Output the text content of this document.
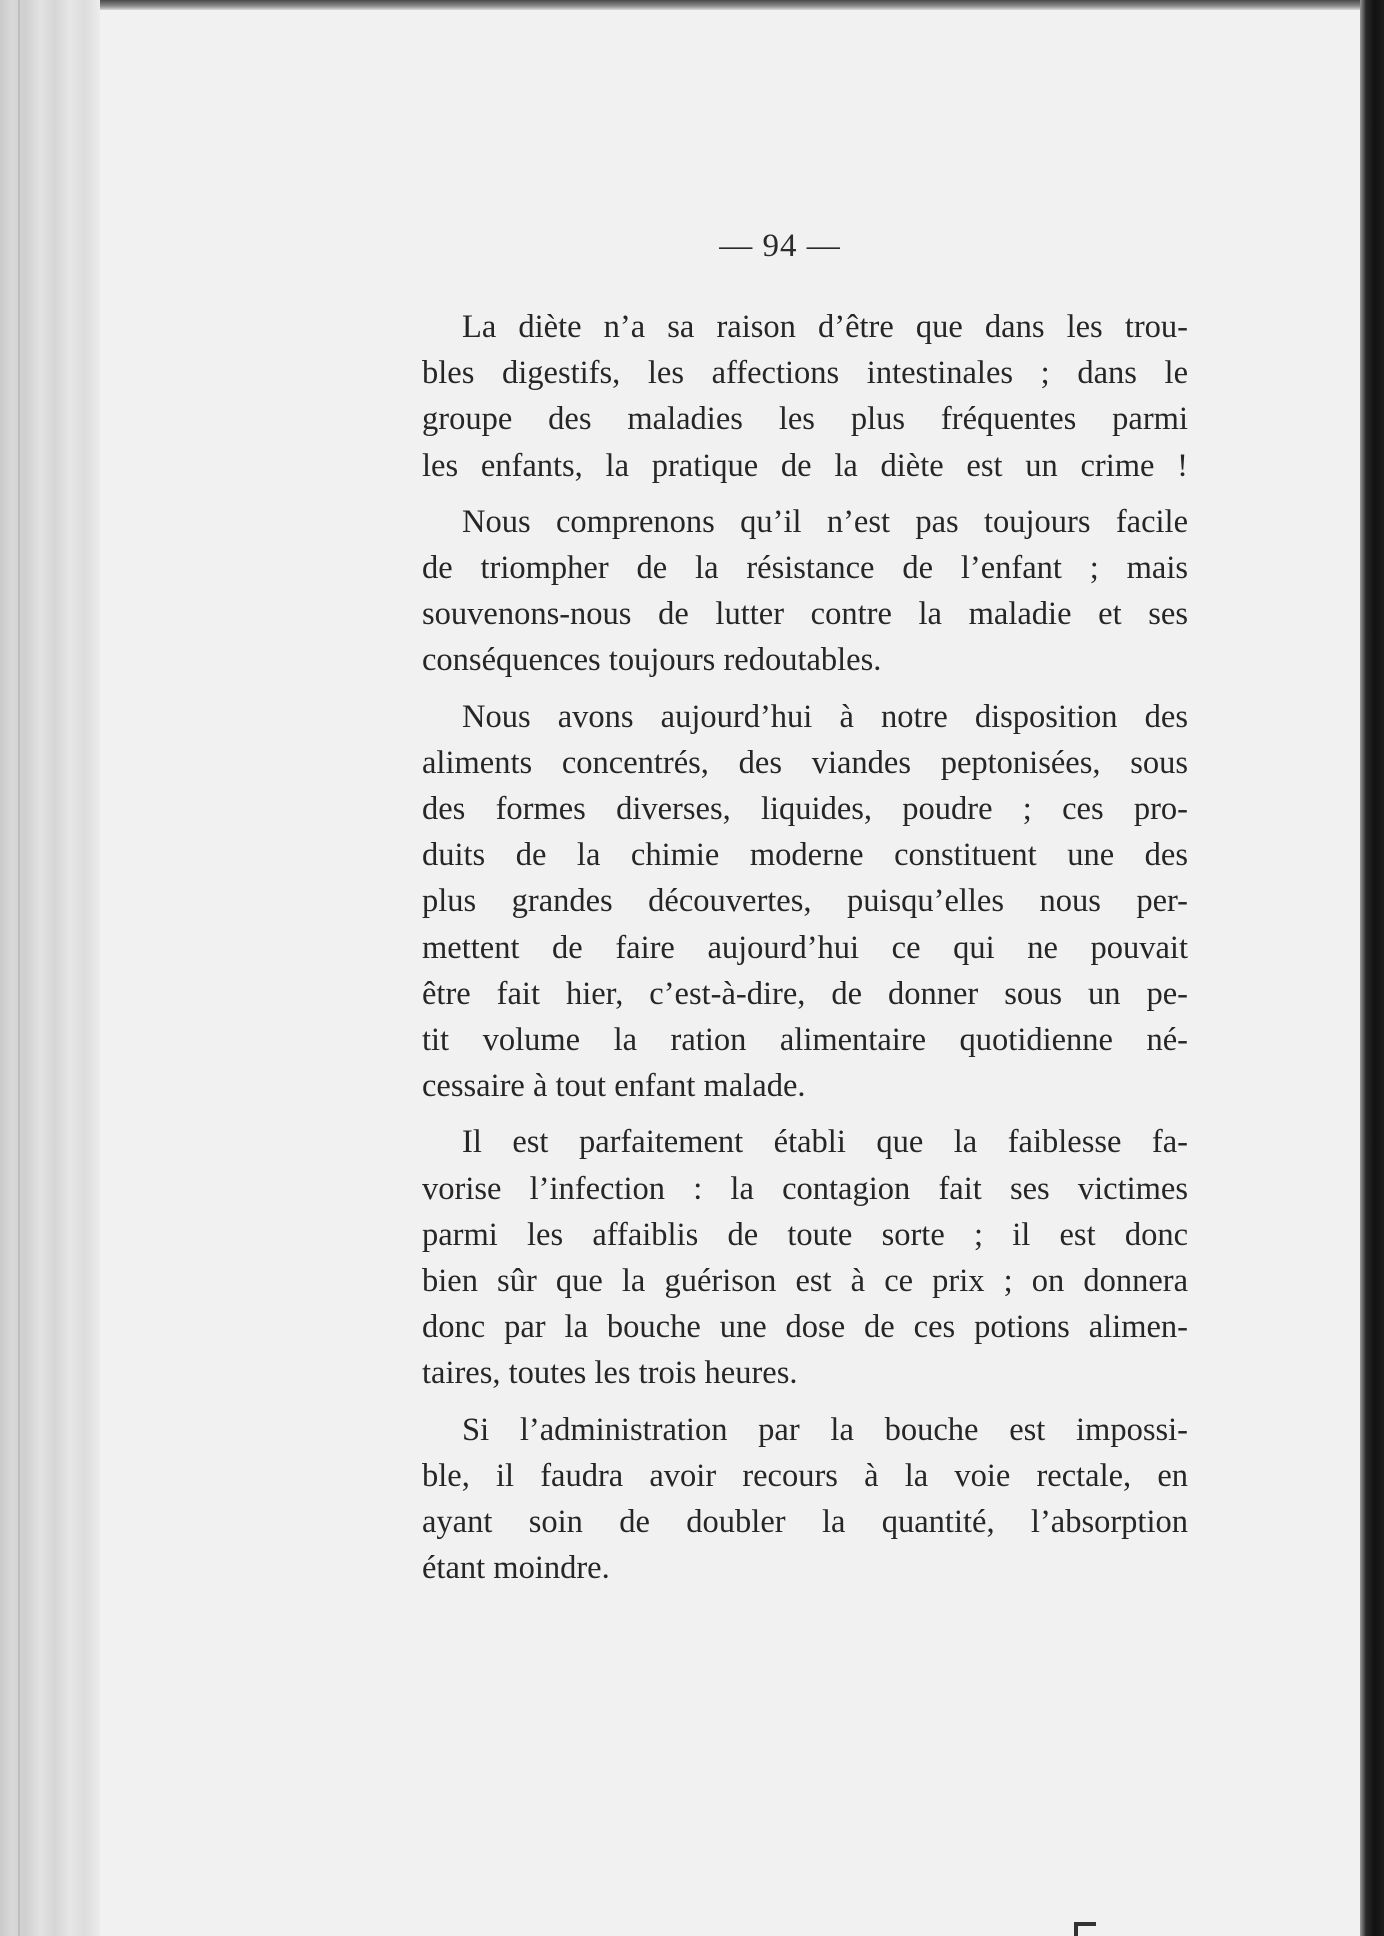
— 94 —
La diète n’a sa raison d’être que dans les trou-
bles digestifs, les affections intestinales ; dans le
groupe des maladies les plus fréquentes parmi
les enfants, la pratique de la diète est un crime !
Nous comprenons qu’il n’est pas toujours facile
de triompher de la résistance de l’enfant ; mais
souvenons-nous de lutter contre la maladie et ses
conséquences toujours redoutables.
Nous avons aujourd’hui à notre disposition des
aliments concentrés, des viandes peptonisées, sous
des formes diverses, liquides, poudre ; ces pro-
duits de la chimie moderne constituent une des
plus grandes découvertes, puisqu’elles nous per-
mettent de faire aujourd’hui ce qui ne pouvait
être fait hier, c’est-à-dire, de donner sous un pe-
tit volume la ration alimentaire quotidienne né-
cessaire à tout enfant malade.
Il est parfaitement établi que la faiblesse fa-
vorise l’infection : la contagion fait ses victimes
parmi les affaiblis de toute sorte ; il est donc
bien sûr que la guérison est à ce prix ; on donnera
donc par la bouche une dose de ces potions alimen-
taires, toutes les trois heures.
Si l’administration par la bouche est impossi-
ble, il faudra avoir recours à la voie rectale, en
ayant soin de doubler la quantité, l’absorption
étant moindre.
